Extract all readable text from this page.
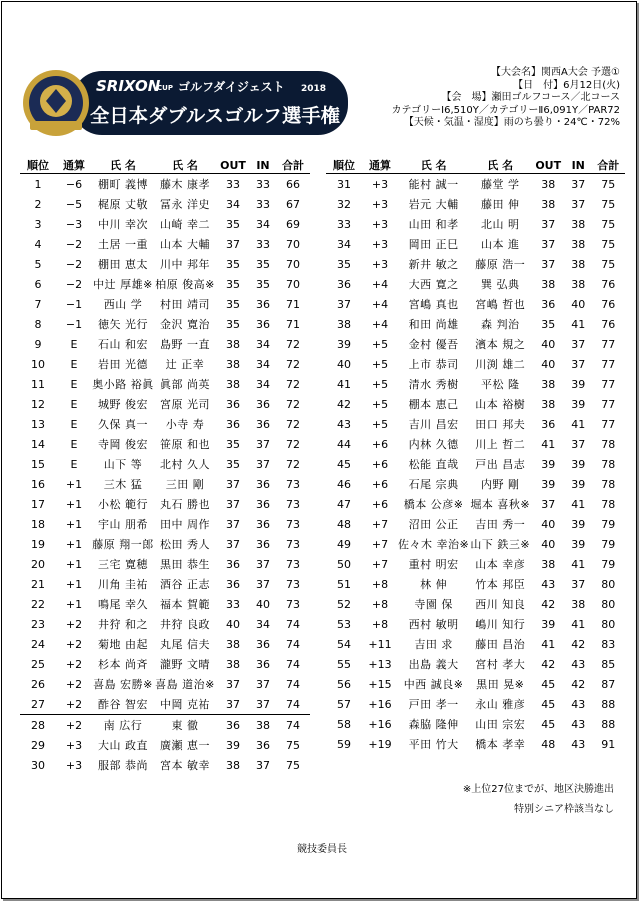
SRIXON
CUP ゴルフダイジェスト 2018
全日本ダブルスゴルフ選手権
【大会名】関西A大会 予選①
【日　付】6月12日(火)
【会　場】瀬田ゴルフコース／北コース
カテゴリーⅠ6,510Y／カテゴリーⅡ6,091Y／PAR72
【天候・気温・湿度】雨のち曇り・24℃・72%
順位	通算	氏 名	氏 名	OUT	IN	合計
1	−6	棚町 義博	藤木 康孝	33	33	66
2	−5	梶原 丈敬	冨永 洋史	34	33	67
3	−3	中川 幸次	山崎 幸二	35	34	69
4	−2	土居 一重	山本 大輔	37	33	70
5	−2	棚田 恵太	川中 邦年	35	35	70
6	−2	中辻 厚雄※	柏原 俊高※	35	35	70
7	−1	西山 学	村田 靖司	35	36	71
8	−1	徳矢 光行	金沢 寛治	35	36	71
9	E	石山 和宏	島野 一直	38	34	72
10	E	岩田 光德	辻 正幸	38	34	72
11	E	奥小路 裕眞	眞部 尚英	38	34	72
12	E	城野 俊宏	宮原 光司	36	36	72
13	E	久保 真一	小寺 寿	36	36	72
14	E	寺岡 俊宏	笹原 和也	35	37	72
15	E	山下 等	北村 久人	35	37	72
16	+1	三木 猛	三田 剛	37	36	73
17	+1	小松 範行	丸石 勝也	37	36	73
18	+1	宇山 朋希	田中 周作	37	36	73
19	+1	藤原 翔一郎	松田 秀人	37	36	73
20	+1	三宅 寛穂	黒田 恭生	36	37	73
21	+1	川角 圭祐	酒谷 正志	36	37	73
22	+1	鳴尾 幸久	福本 賀範	33	40	73
23	+2	井狩 和之	井狩 良政	40	34	74
24	+2	菊地 由起	丸尾 信夫	38	36	74
25	+2	杉本 尚斉	瀧野 文晴	38	36	74
26	+2	喜島 宏勝※	喜島 道治※	37	37	74
27	+2	酢谷 智宏	中岡 克祐	37	37	74
28	+2	南 広行	東 徹	36	38	74
29	+3	大山 政直	廣瀬 恵一	39	36	75
30	+3	服部 恭尚	宮本 敏幸	38	37	75
順位	通算	氏 名	氏 名	OUT	IN	合計
31	+3	能村 誠一	藤堂 学	38	37	75
32	+3	岩元 大輔	藤田 伸	38	37	75
33	+3	山田 和孝	北山 明	37	38	75
34	+3	岡田 正巳	山本 進	37	38	75
35	+3	新井 敏之	藤原 浩一	37	38	75
36	+4	大西 寛之	巽 弘典	38	38	76
37	+4	宮嶋 真也	宮嶋 哲也	36	40	76
38	+4	和田 尚雄	森 判治	35	41	76
39	+5	金村 優吾	濱本 規之	40	37	77
40	+5	上市 恭司	川渕 雄二	40	37	77
41	+5	清水 秀樹	平松 隆	38	39	77
42	+5	棚本 恵己	山本 裕樹	38	39	77
43	+5	吉川 昌宏	田口 邦夫	36	41	77
44	+6	内林 久德	川上 哲二	41	37	78
45	+6	松能 直哉	戸出 昌志	39	39	78
46	+6	石尾 宗典	内野 剛	39	39	78
47	+6	橋本 公彦※	堀本 喜秋※	37	41	78
48	+7	沼田 公正	吉田 秀一	40	39	79
49	+7	佐々木 幸治※	山下 鉄三※	40	39	79
50	+7	重村 明宏	山本 幸彦	38	41	79
51	+8	林 伸	竹本 邦臣	43	37	80
52	+8	寺園 保	西川 知良	42	38	80
53	+8	西村 敏明	嶋川 知行	39	41	80
54	+11	吉田 求	藤田 昌治	41	42	83
55	+13	出島 義大	宮村 孝大	42	43	85
56	+15	中西 誠良※	黒田 晃※	45	42	87
57	+16	戸田 孝一	永山 雅彦	45	43	88
58	+16	森脇 隆伸	山田 宗宏	45	43	88
59	+19	平田 竹大	橋本 孝幸	48	43	91
※上位27位までが、地区決勝進出
特別シニア枠該当なし
競技委員長
